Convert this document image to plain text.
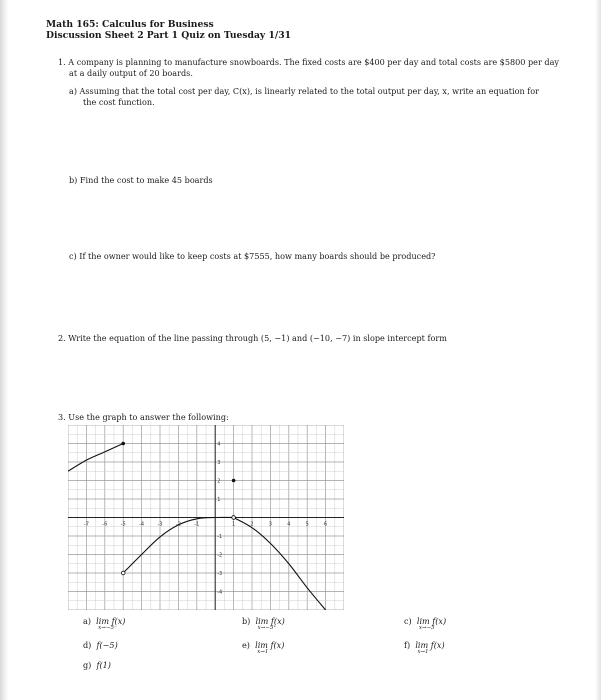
Math 165: Calculus for Business
Discussion Sheet 2 Part 1 Quiz on Tuesday 1/31
1. A company is planning to manufacture snowboards. The fixed costs are $400 per day and total costs are $5800 per day
at a daily output of 20 boards.
a) Assuming that the total cost per day, C(x), is linearly related to the total output per day, x, write an equation for
the cost function.
b) Find the cost to make 45 boards
c) If the owner would like to keep costs at $7555, how many boards should be produced?
2. Write the equation of the line passing through (5, −1) and (−10, −7) in slope intercept form
3. Use the graph to answer the following:
-7	-6	-5	-4	-3	-2	-1	1	2	3	4	5	6
-4
-3
-2
-1
1
2
3
4
a) lim f(x)
x→−5⁻
b) lim f(x)
x→−5⁺
c) lim f(x)
x→−5
d) f(−5)	e) lim f(x)
x→1
f) lim f(x)
x→1⁻
g) f(1)
